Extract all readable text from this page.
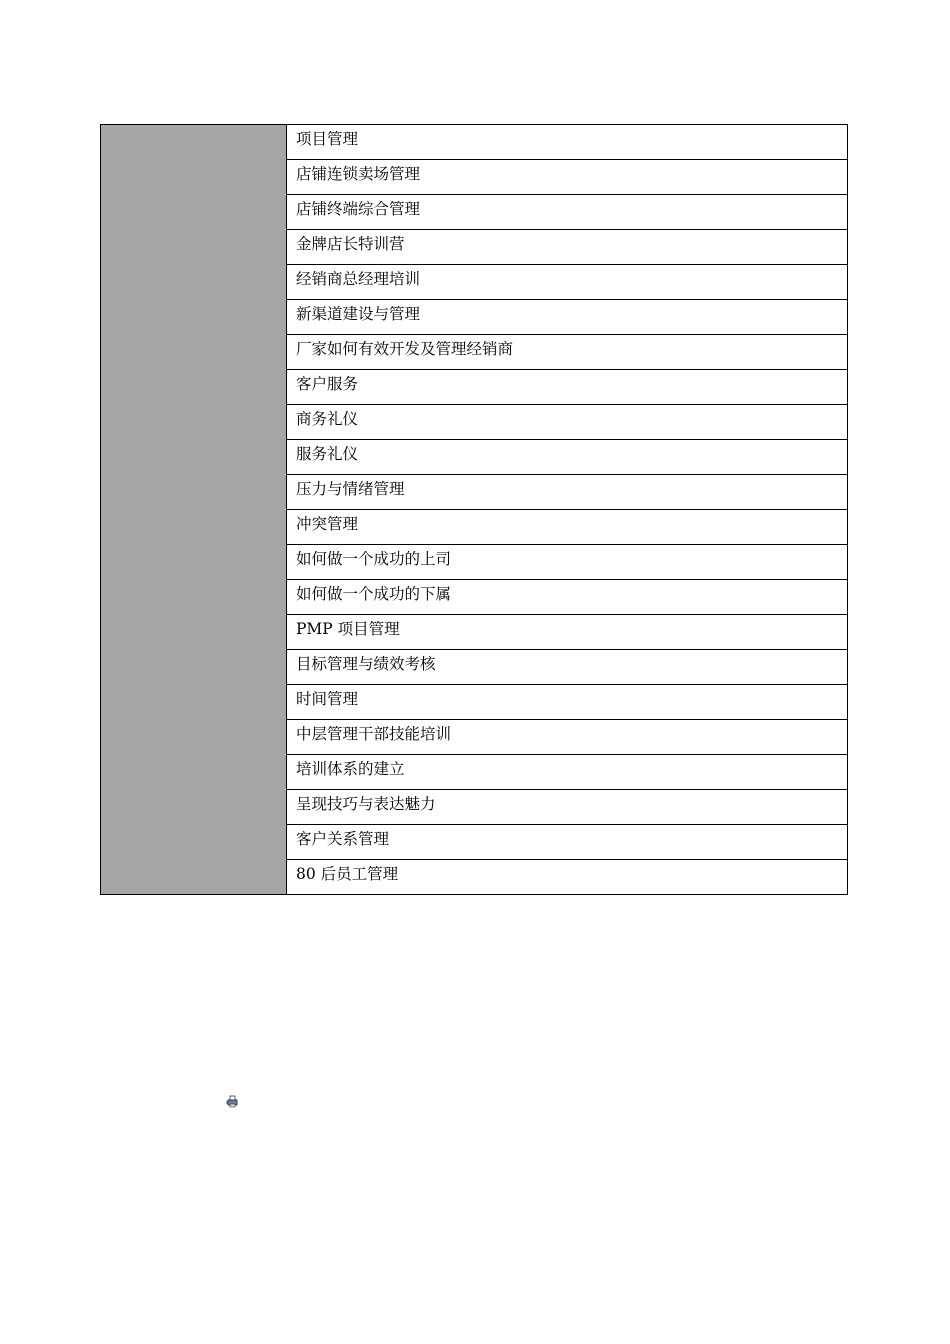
	项目管理
店铺连锁卖场管理
店铺终端综合管理
金牌店长特训营
经销商总经理培训
新渠道建设与管理
厂家如何有效开发及管理经销商
客户服务
商务礼仪
服务礼仪
压力与情绪管理
冲突管理
如何做一个成功的上司
如何做一个成功的下属
PMP 项目管理
目标管理与绩效考核
时间管理
中层管理干部技能培训
培训体系的建立
呈现技巧与表达魅力
客户关系管理
80 后员工管理
